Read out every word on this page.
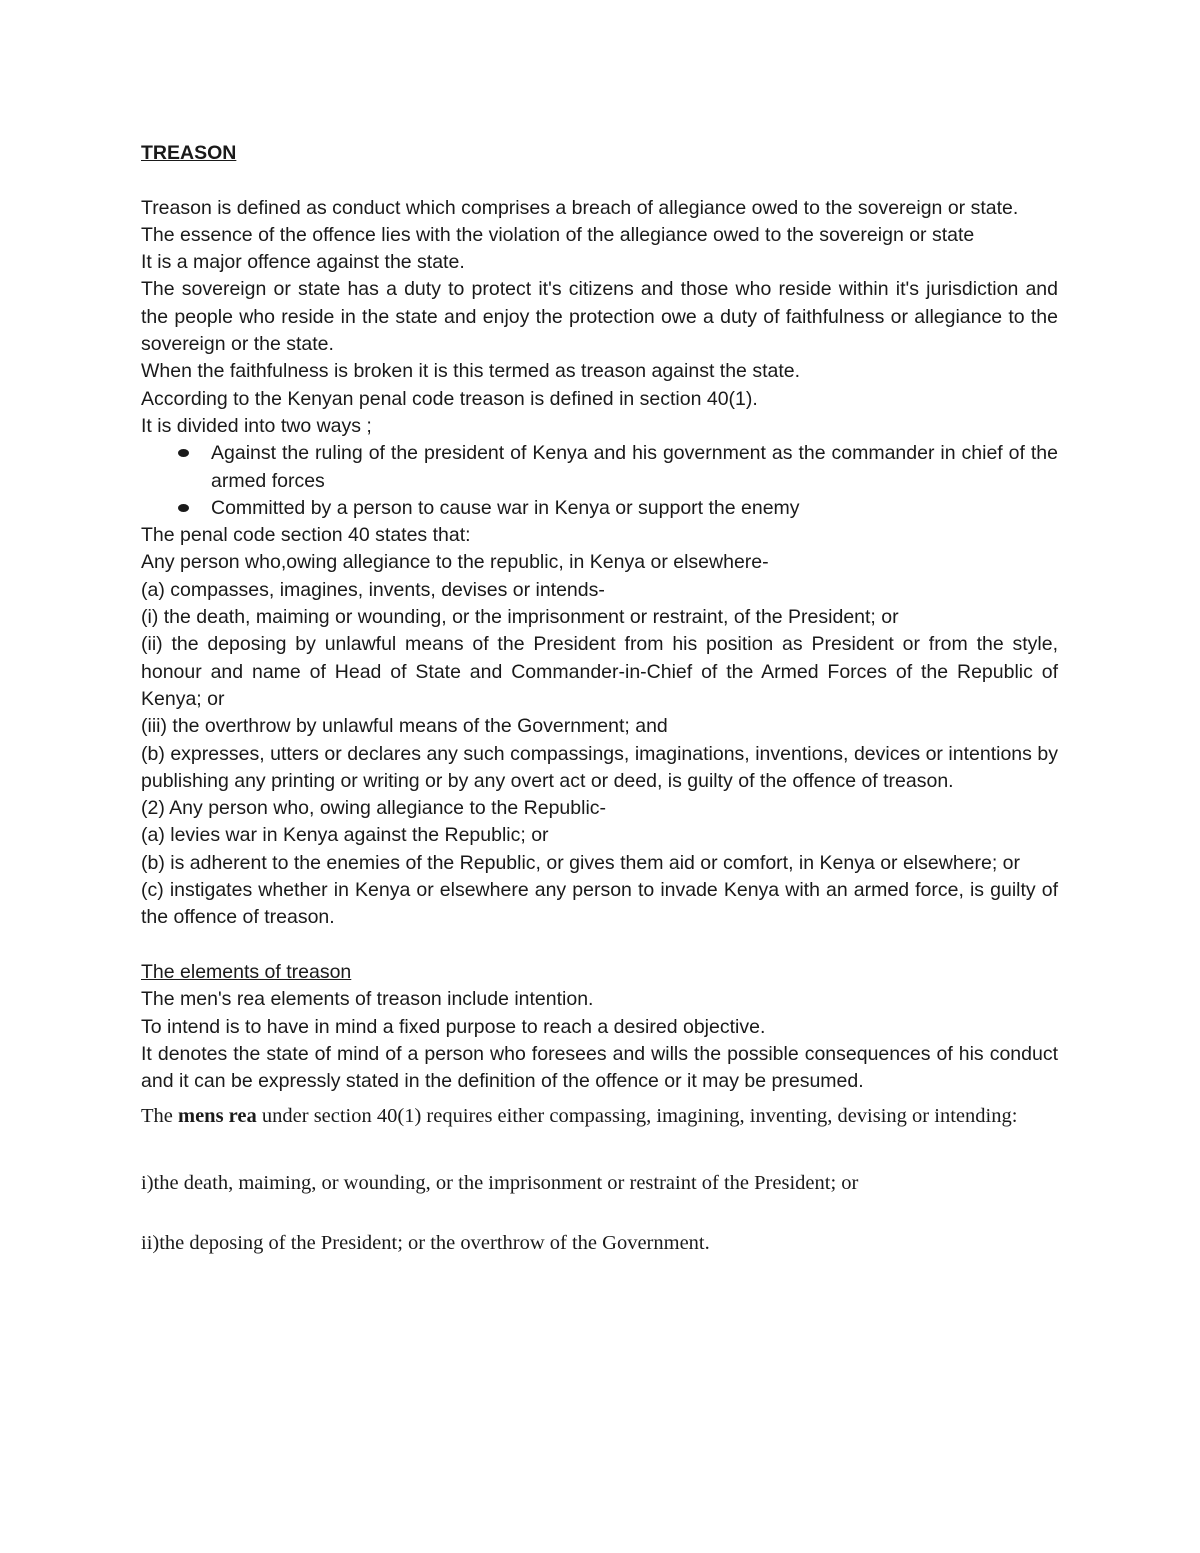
TREASON

Treason is defined as conduct which comprises a breach of allegiance owed to the sovereign or state.

The essence of the offence lies with the violation of the allegiance owed to the sovereign or state

It is a major offence against the state.

The sovereign or state has a duty to protect it's citizens and those who reside within it's jurisdiction and the people who reside in the state and enjoy the protection owe a duty of faithfulness or allegiance to the sovereign or the state.

When the faithfulness is broken it is this termed as treason against the state.

According to the Kenyan penal code treason is defined in section 40(1).

It is divided into two ways ;

Against the ruling of the president of Kenya and his government as the commander in chief of the armed forces
Committed by a person to cause war in Kenya or support the enemy

The penal code section 40 states that:

Any person who,owing allegiance to the republic, in Kenya or elsewhere-

(a) compasses, imagines, invents, devises or intends-

(i) the death, maiming or wounding, or the imprisonment or restraint, of the President; or

(ii) the deposing by unlawful means of the President from his position as President or from the style, honour and name of Head of State and Commander-in-Chief of the Armed Forces of the Republic of Kenya; or

(iii) the overthrow by unlawful means of the Government; and

(b) expresses, utters or declares any such compassings, imaginations, inventions, devices or intentions by publishing any printing or writing or by any overt act or deed, is guilty of the offence of treason.

(2) Any person who, owing allegiance to the Republic-

(a) levies war in Kenya against the Republic; or

(b) is adherent to the enemies of the Republic, or gives them aid or comfort, in Kenya or elsewhere; or

(c) instigates whether in Kenya or elsewhere any person to invade Kenya with an armed force, is guilty of the offence of treason.

The elements of treason

The men's rea elements of treason include intention.

To intend is to have in mind a fixed purpose to reach a desired objective.

It denotes the state of mind of a person who foresees and wills the possible consequences of his conduct and it can be expressly stated in the definition of the offence or it may be presumed.

The mens rea under section 40(1) requires either compassing, imagining, inventing, devising or intending:

i)the death, maiming, or wounding, or the imprisonment or restraint of the President; or

ii)the deposing of the President; or the overthrow of the Government.
